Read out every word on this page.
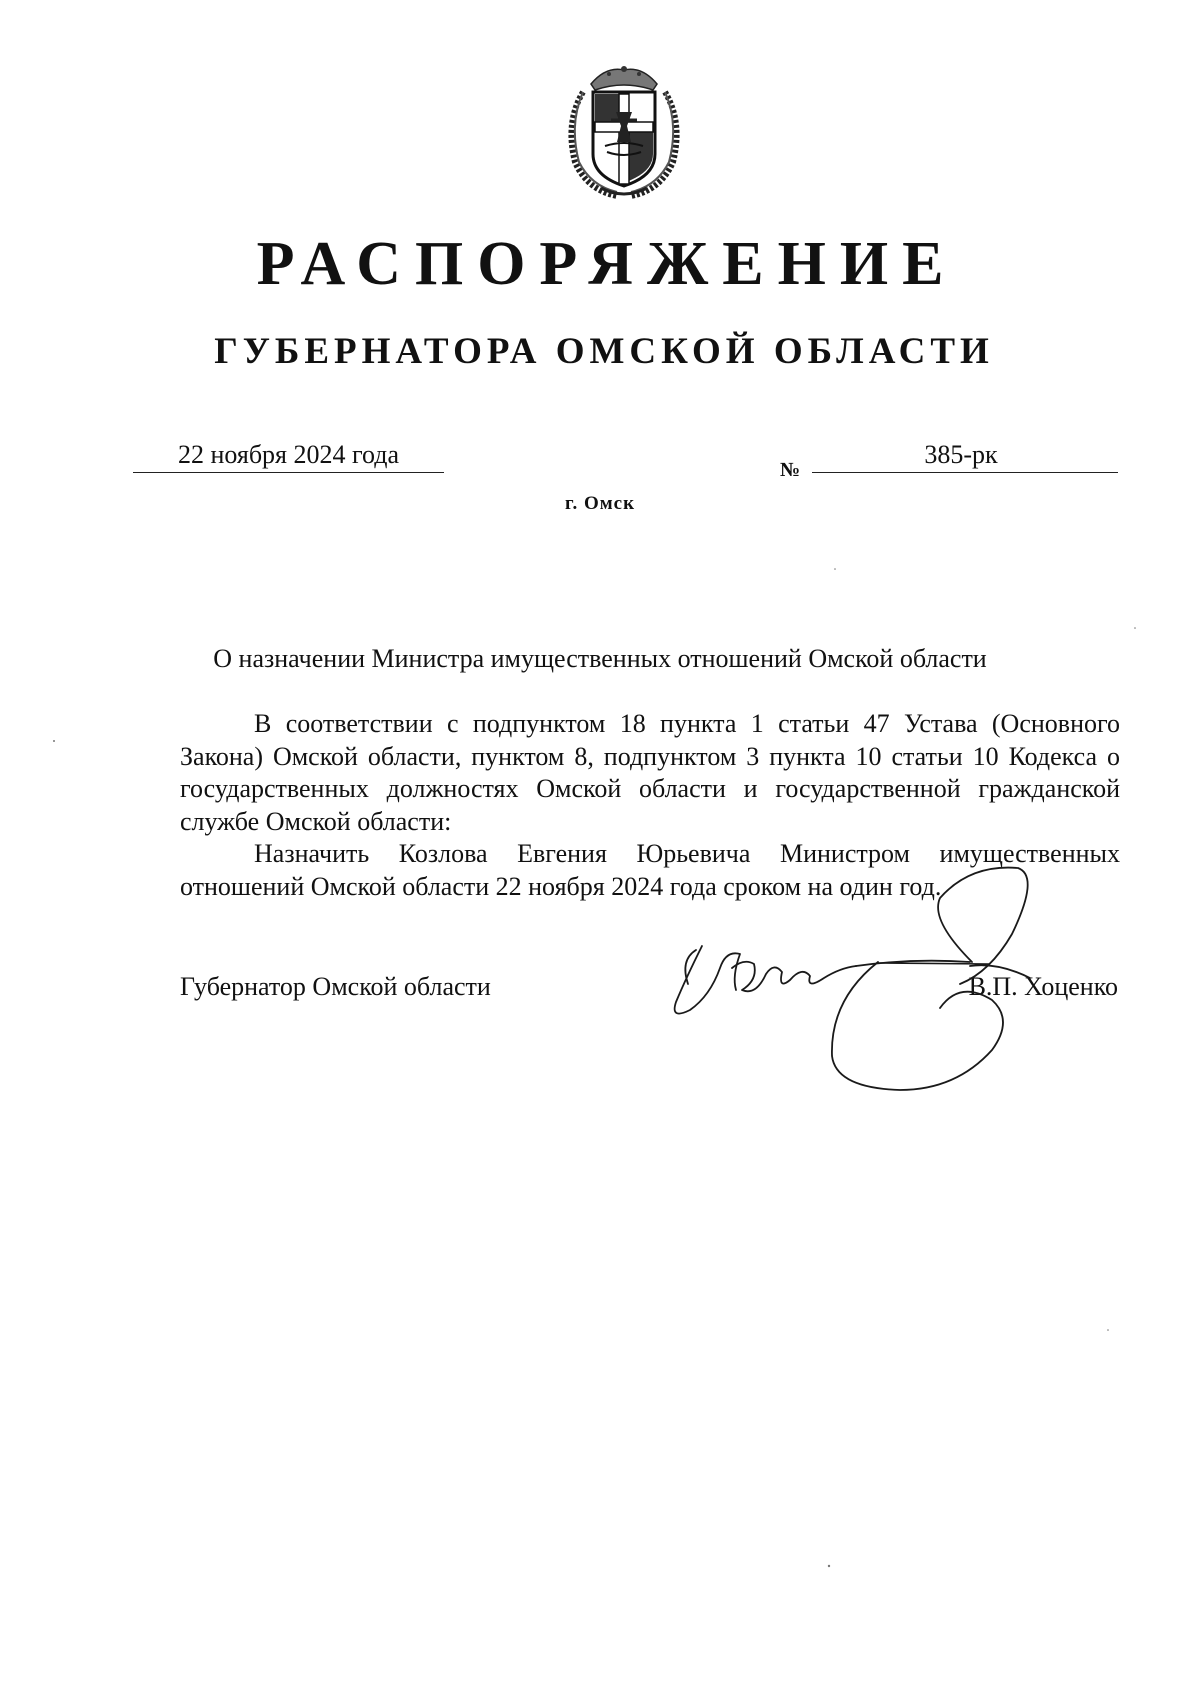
РАСПОРЯЖЕНИЕ
ГУБЕРНАТОРА ОМСКОЙ ОБЛАСТИ
22 ноября 2024 года
№
385-рк
г. Омск
О назначении Министра имущественных отношений Омской области

В соответствии с подпунктом 18 пункта 1 статьи 47 Устава (Основного Закона) Омской области, пунктом 8, подпунктом 3 пункта 10 статьи 10 Кодекса о государственных должностях Омской области и государственной гражданской службе Омской области:

Назначить Козлова Евгения Юрьевича Министром имущественных отношений Омской области 22 ноября 2024 года сроком на один год.

Губернатор Омской области	В.П. Хоценко
